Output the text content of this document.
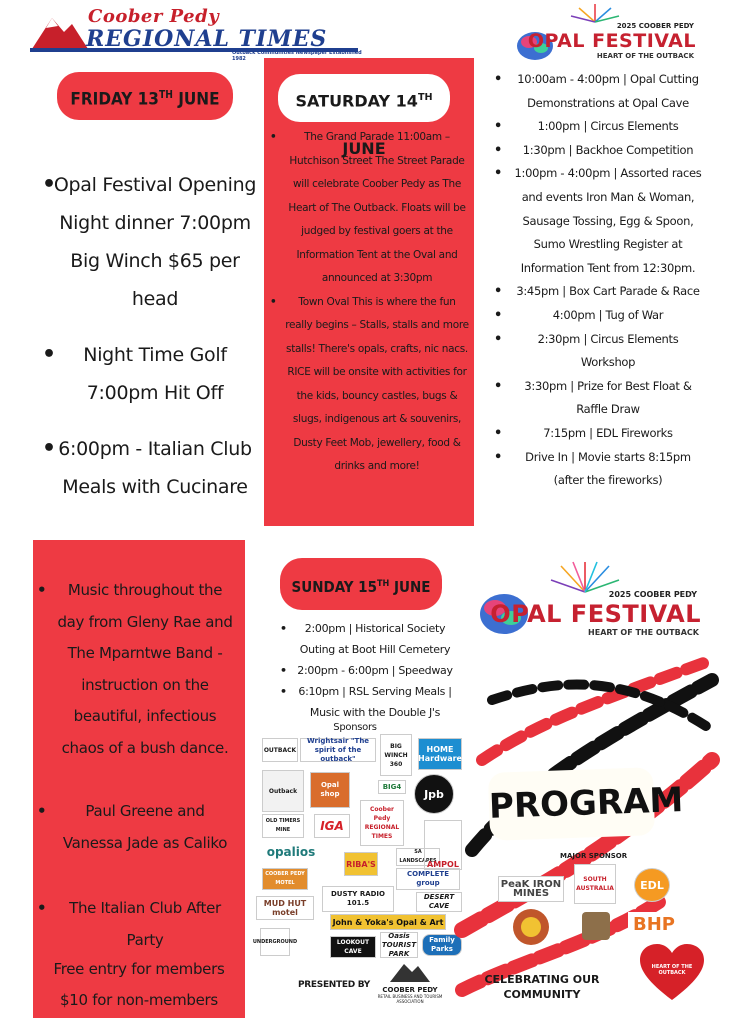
Coober Pedy
REGIONAL TIMES
Outback Communities Newspaper Established 1982
2025 COOBER PEDY
OPAL FESTIVAL
HEART OF THE OUTBACK
FRIDAY 13TH JUNE
• Opal Festival Opening Night dinner 7:00pm Big Winch $65 per head
• Night Time Golf 7:00pm Hit Off
• 6:00pm - Italian Club Meals with Cucinare
SATURDAY 14TH JUNE
• The Grand Parade 11:00am – Hutchison Street The Street Parade will celebrate Coober Pedy as The Heart of The Outback. Floats will be judged by festival goers at the Information Tent at the Oval and announced at 3:30pm
• Town Oval This is where the fun really begins – Stalls, stalls and more stalls! There's opals, crafts, nic nacs. RICE will be onsite with activities for the kids, bouncy castles, bugs & slugs, indigenous art & souvenirs, Dusty Feet Mob, jewellery, food & drinks and more!
• 10:00am - 4:00pm | Opal Cutting Demonstrations at Opal Cave
• 1:00pm | Circus Elements
• 1:30pm | Backhoe Competition
• 1:00pm - 4:00pm | Assorted races and events Iron Man & Woman, Sausage Tossing, Egg & Spoon, Sumo Wrestling Register at Information Tent from 12:30pm.
• 3:45pm | Box Cart Parade & Race
• 4:00pm | Tug of War
• 2:30pm | Circus Elements Workshop
• 3:30pm | Prize for Best Float & Raffle Draw
• 7:15pm | EDL Fireworks
• Drive In | Movie starts 8:15pm (after the fireworks)
• Music throughout the day from Gleny Rae and The Mparntwe Band - instruction on the beautiful, infectious chaos of a bush dance.
• Paul Greene and Vanessa Jade as Caliko
• The Italian Club After Party
Free entry for members
$10 for non-members
SUNDAY 15TH JUNE
• 2:00pm | Historical Society Outing at Boot Hill Cemetery
• 2:00pm - 6:00pm | Speedway
• 6:10pm | RSL Serving Meals | Music with the Double J's
Sponsors
OUTBACK
Wrightsair "The spirit of the outback"
BIG WINCH 360
HOME Hardware
Outback
Opal shop
BIG4
Jpb
OLD TIMERS MINE	IGA
Coober Pedy REGIONAL TIMES
opalios
RIBA'S
SA LANDSCAPES
AMPOL
COOBER PEDY MOTEL
DUSTY RADIO 101.5
COMPLETE group
MUD HUT motel
DESERT CAVE
John & Yoka's Opal & Art
UNDERGROUND	LOOKOUT CAVE
Oasis TOURIST PARK
Family Parks
PRESENTED BY	COOBER PEDY
RETAIL BUSINESS AND TOURISM ASSOCIATION
2025 COOBER PEDY
OPAL FESTIVAL
HEART OF THE OUTBACK
PROGRAM
MAJOR SPONSOR
PeaK IRON MINES
SOUTH AUSTRALIA	EDL
BHP
CELEBRATING OUR COMMUNITY
HEART OF THE OUTBACK
